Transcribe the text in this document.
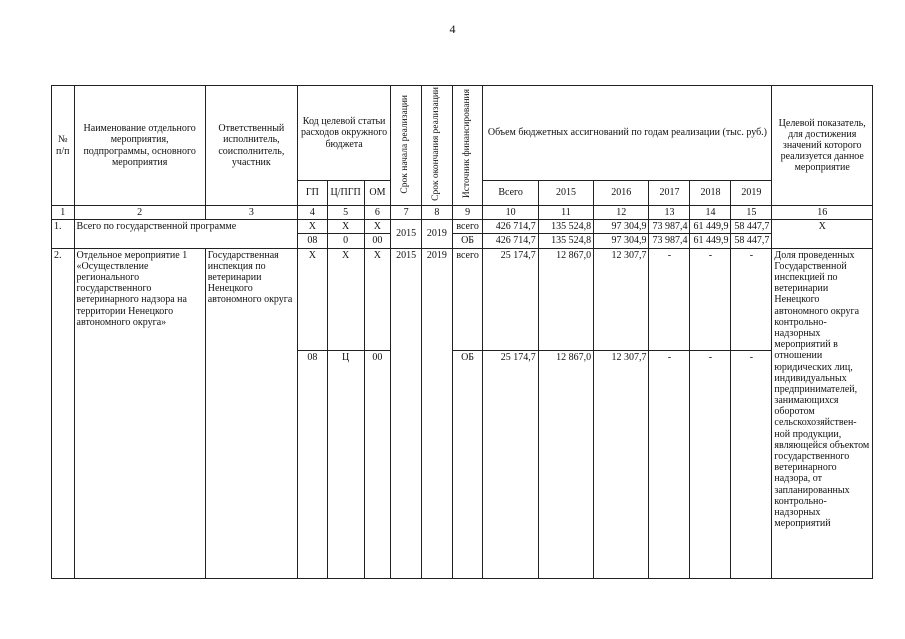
4
№ п/п	Наименование отдельного мероприятия, подпрограммы, основного мероприятия	Ответственный исполнитель, соисполнитель, участник	Код целевой статьи расходов окружного бюджета			Срок начала реализации	Срок окончания реализации	Источник финансирования	Объем бюджетных ассигнований по годам реализации (тыс. руб.)						Целевой показатель, для достижения значений которого реализуется данное мероприятие
			ГП	Ц/ПГП	ОМ				Всего	2015	2016	2017	2018	2019	
1	2	3	4	5	6	7	8	9	10	11	12	13	14	15	16
1.	Всего по государственной программе		Х	Х	Х	2015	2019	всего	426 714,7	135 524,8	97 304,9	73 987,4	61 449,9	58 447,7	Х
			08	0	00			ОБ	426 714,7	135 524,8	97 304,9	73 987,4	61 449,9	58 447,7	
2.	Отдельное мероприятие 1 «Осуществление регионального государственного ветеринарного надзора на территории Ненецкого автономного округа»	Государственная инспекция по ветеринарии Ненецкого автономного округа	Х	Х	Х	2015	2019	всего	25 174,7	12 867,0	12 307,7	-	-	-	Доля проведенных Государственной инспекцией по ветеринарии Ненецкого автономного округа контрольно-надзорных мероприятий в отношении юридических лиц, индивидуальных предпринимателей, занимающихся оборотом сельскохозяйствен-ной продукции, являющейся объектом государственного ветеринарного надзора, от запланированных контрольно-надзорных мероприятий
			08	Ц	00			ОБ	25 174,7	12 867,0	12 307,7	-	-	-	
